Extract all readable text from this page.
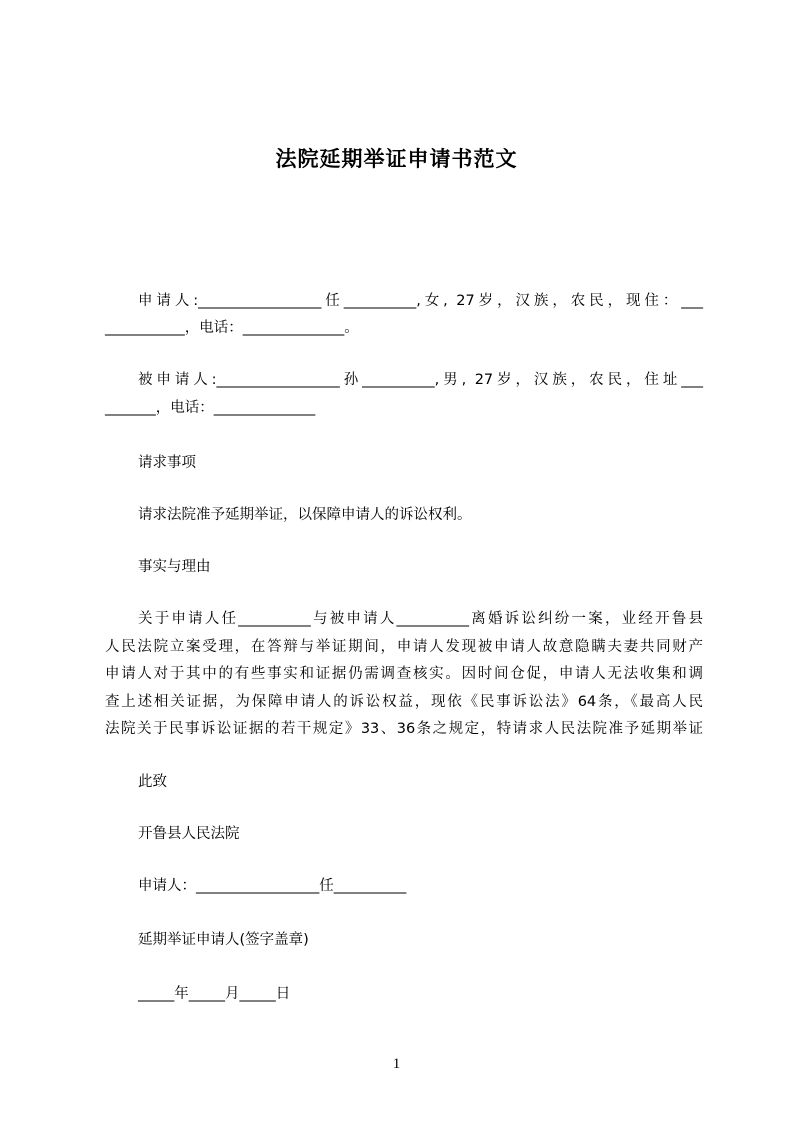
法院延期举证申请书范文
申请人:_________________任__________,女, 27岁，汉族，农民，现住：___
___________，电话：______________。
被申请人:_________________孙__________,男, 27岁，汉族，农民，住址___
_______，电话：______________
请求事项
请求法院准予延期举证，以保障申请人的诉讼权利。
事实与理由
关于申请人任__________与被申请人__________离婚诉讼纠纷一案，业经开鲁县
人民法院立案受理，在答辩与举证期间，申请人发现被申请人故意隐瞒夫妻共同财产
申请人对于其中的有些事实和证据仍需调查核实。因时间仓促，申请人无法收集和调
查上述相关证据，为保障申请人的诉讼权益，现依《民事诉讼法》64条，《最高人民
法院关于民事诉讼证据的若干规定》33、36条之规定，特请求人民法院准予延期举证
此致
开鲁县人民法院
申请人：_________________任__________
延期举证申请人(签字盖章)
_____年_____月_____日
1
